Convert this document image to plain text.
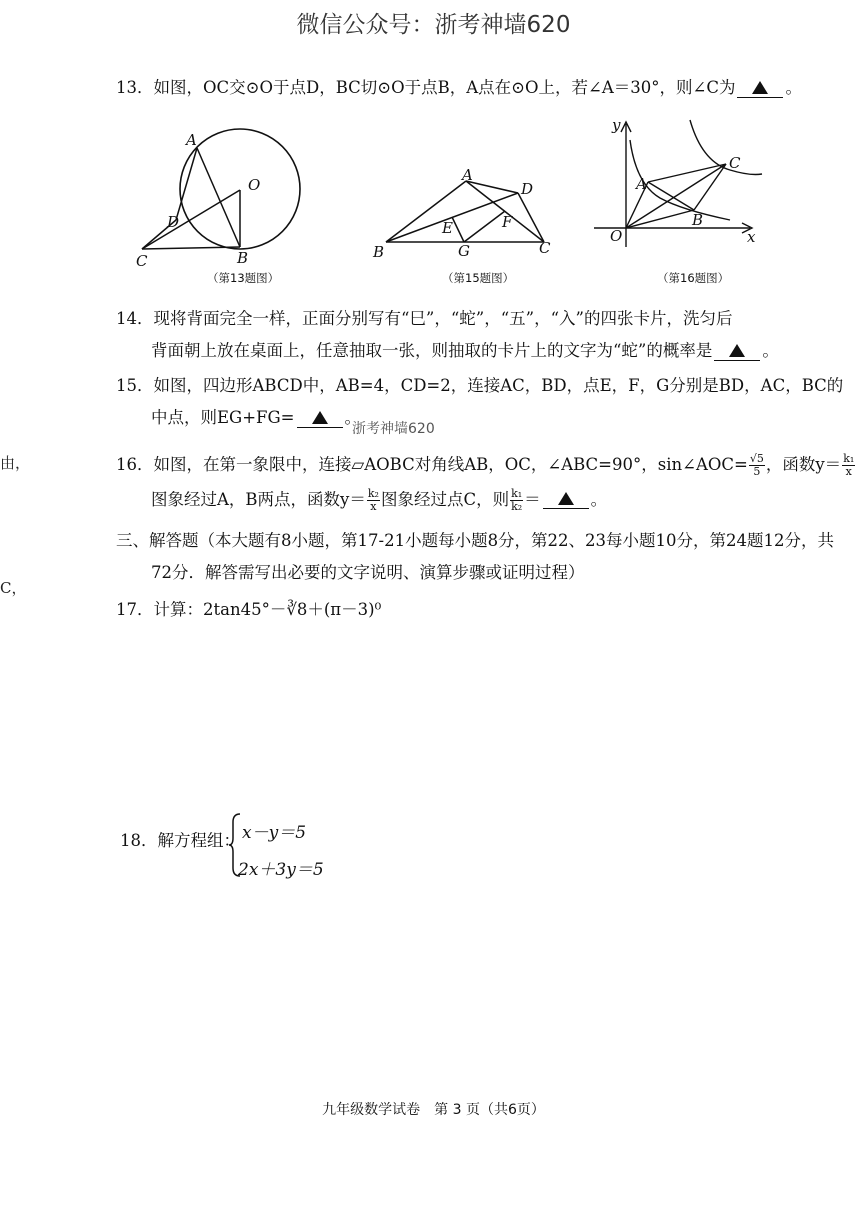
微信公众号：浙考神墙620
由，
C，
13．如图，OC交⊙O于点D，BC切⊙O于点B，A点在⊙O上，若∠A＝30°，则∠C为	。
A
O
D
C	B
（第13题图）
A
D
E	F
B	G	C
（第15题图）
y
C
A
B
O	x
（第16题图）
14．现将背面完全一样，正面分别写有“巳”，“蛇”，“五”，“入”的四张卡片，洗匀后
背面朝上放在桌面上，任意抽取一张，则抽取的卡片上的文字为“蛇”的概率是	。
15．如图，四边形ABCD中，AB=4，CD=2，连接AC，BD，点E，F，G分别是BD，AC，BC的
中点，则EG+FG=	。
浙考神墙620
16． 如图，在第一象限中，连接▱AOBC对角线AB，OC，∠ABC=90°，sin∠AOC= $\frac{√5}{5}$ ，函数$y= \frac{\text{k₁}}{x}$
图象经过A，B两点，函数$y= \frac{\text{k₂}}{x}$ 图象经过点C，则 $\frac{\text{k₁}}{\text{k₂}}$ ＝	。
三、解答题（本大题有8小题，第17-21小题每小题8分，第22、23每小题10分，第24题12分，共
72分．解答需写出必要的文字说明、演算步骤或证明过程）
17．计算：2tan45°－∛8＋(π－3)⁰
18．解方程组： x－y＝5
2x＋3y＝5
九年级数学试卷　第 3 页（共6页）
